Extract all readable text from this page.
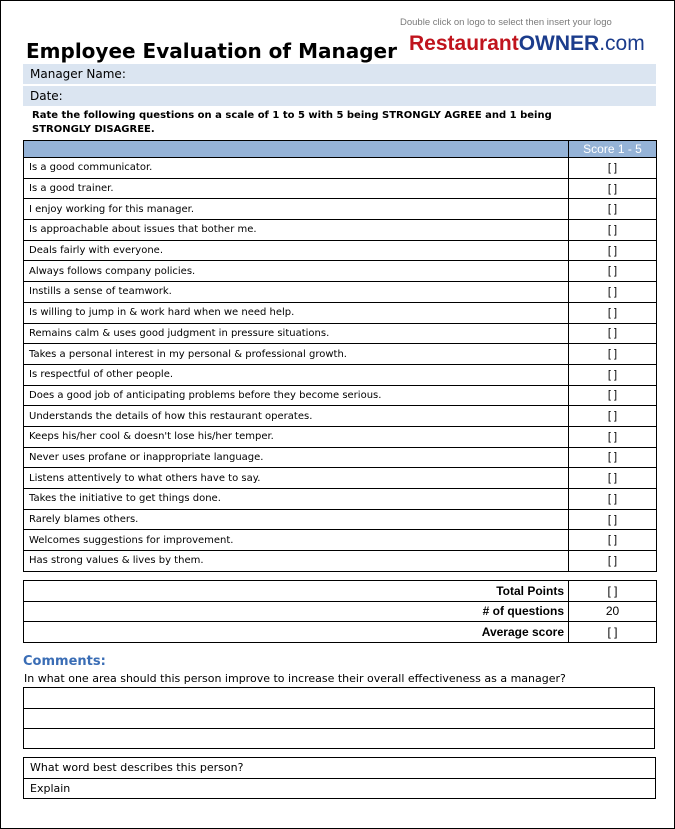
Double click on logo to select then insert your logo
RestaurantOWNER.com
Employee Evaluation of Manager
Manager Name:
Date:
Rate the following questions on a scale of 1 to 5 with 5 being STRONGLY AGREE and 1 being STRONGLY DISAGREE.
	Score 1 - 5
Is a good communicator.	[ ]
Is a good trainer.	[ ]
I enjoy working for this manager.	[ ]
Is approachable about issues that bother me.	[ ]
Deals fairly with everyone.	[ ]
Always follows company policies.	[ ]
Instills a sense of teamwork.	[ ]
Is willing to jump in & work hard when we need help.	[ ]
Remains calm & uses good judgment in pressure situations.	[ ]
Takes a personal interest in my personal & professional growth.	[ ]
Is respectful of other people.	[ ]
Does a good job of anticipating problems before they become serious.	[ ]
Understands the details of how this restaurant operates.	[ ]
Keeps his/her cool & doesn't lose his/her temper.	[ ]
Never uses profane or inappropriate language.	[ ]
Listens attentively to what others have to say.	[ ]
Takes the initiative to get things done.	[ ]
Rarely blames others.	[ ]
Welcomes suggestions for improvement.	[ ]
Has strong values & lives by them.	[ ]
Total Points	[ ]
# of questions	20
Average score	[ ]
Comments:
In what one area should this person improve to increase their overall effectiveness as a manager?
What word best describes this person?
Explain
